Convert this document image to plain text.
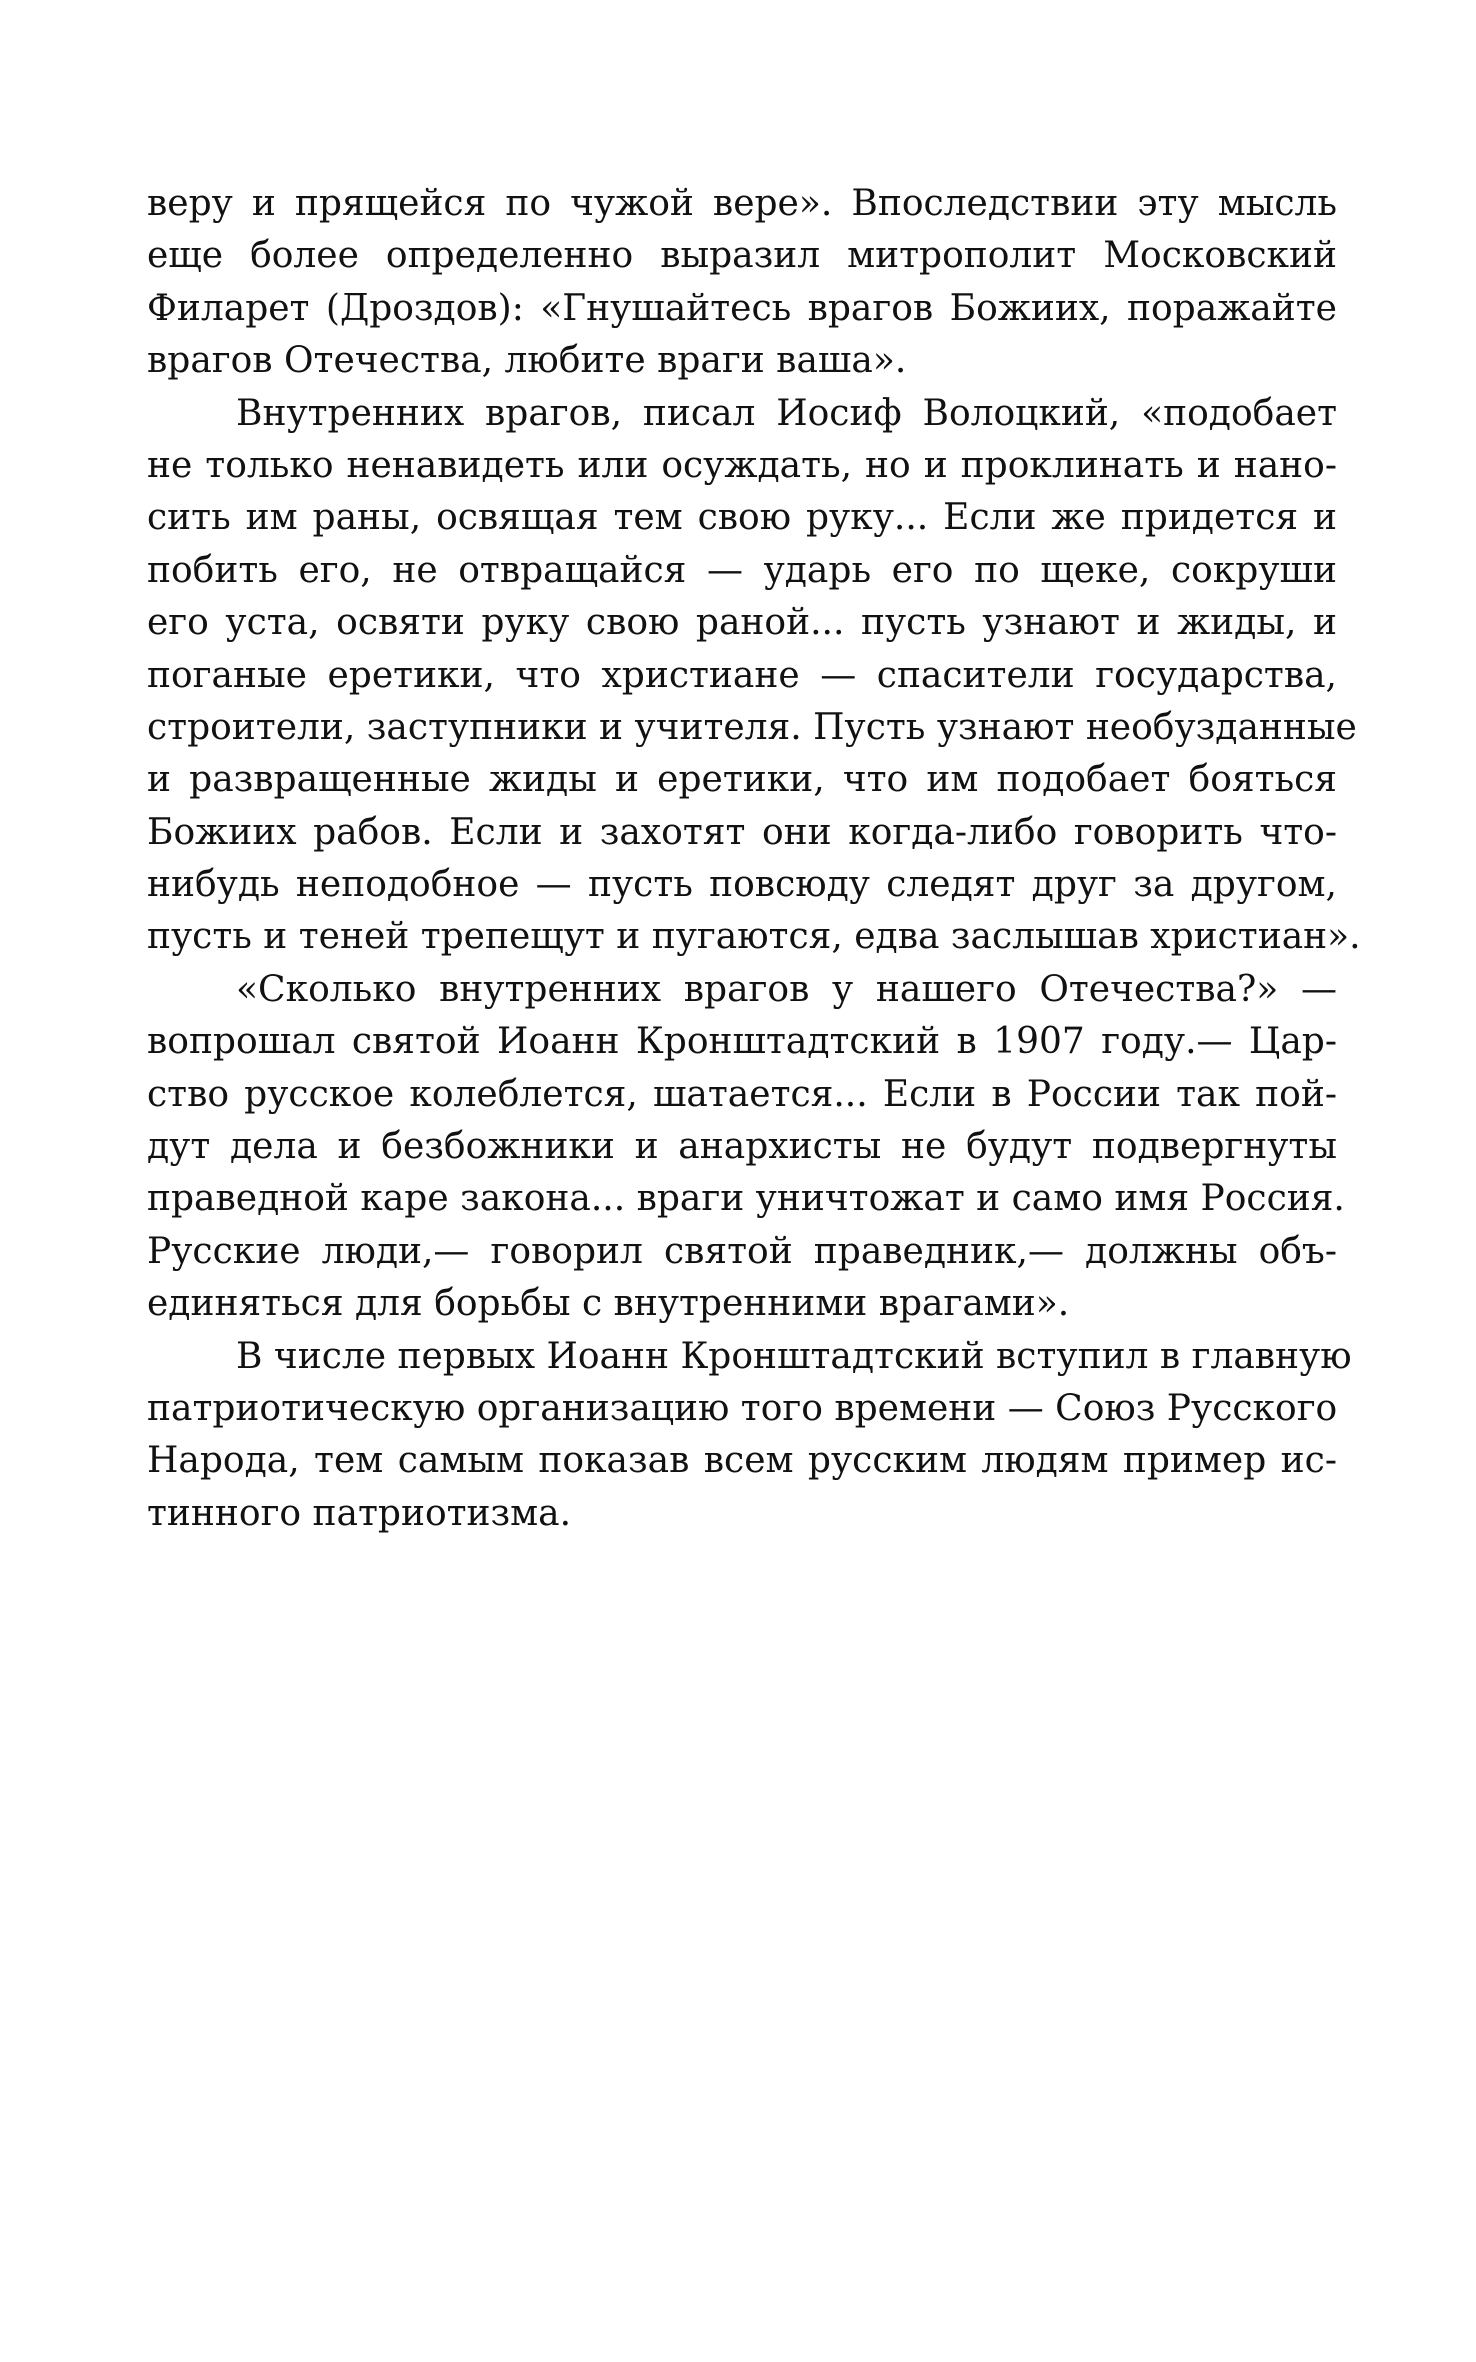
веру и прящейся по чужой вере». Впоследствии эту мысль
еще более определенно выразил митрополит Московский
Филарет (Дроздов): «Гнушайтесь врагов Божиих, поражайте
врагов Отечества, любите враги ваша».
Внутренних врагов, писал Иосиф Волоцкий, «подобает
не только ненавидеть или осуждать, но и проклинать и нано-
сить им раны, освящая тем свою руку... Если же придется и
побить его, не отвращайся — ударь его по щеке, сокруши
его уста, освяти руку свою раной... пусть узнают и жиды, и
поганые еретики, что христиане — спасители государства,
строители, заступники и учителя. Пусть узнают необузданные
и развращенные жиды и еретики, что им подобает бояться
Божиих рабов. Если и захотят они когда-либо говорить что-
нибудь неподобное — пусть повсюду следят друг за другом,
пусть и теней трепещут и пугаются, едва заслышав христиан».
«Сколько внутренних врагов у нашего Отечества?» —
вопрошал святой Иоанн Кронштадтский в 1907 году.— Цар-
ство русское колеблется, шатается... Если в России так пой-
дут дела и безбожники и анархисты не будут подвергнуты
праведной каре закона... враги уничтожат и само имя Россия.
Русские люди,— говорил святой праведник,— должны объ-
единяться для борьбы с внутренними врагами».
В числе первых Иоанн Кронштадтский вступил в главную
патриотическую организацию того времени — Союз Русского
Народа, тем самым показав всем русским людям пример ис-
тинного патриотизма.
